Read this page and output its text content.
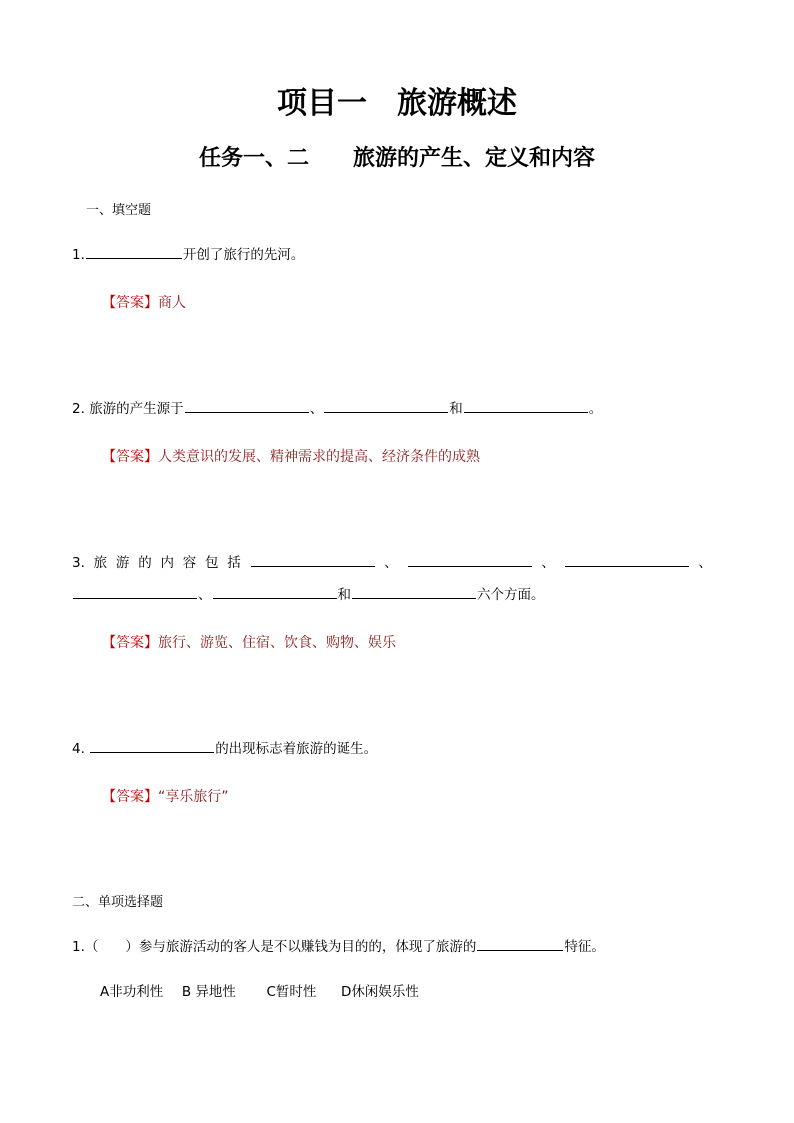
项目一　旅游概述
任务一、二　　旅游的产生、定义和内容
一、填空题
1.	开创了旅行的先河。
【答案】商人
2. 旅游的产生源于	、	和	。
【答案】人类意识的发展、精神需求的提高、经济条件的成熟
3. 旅 游 的 内 容 包 括	、	、	、
、	和	六个方面。
【答案】旅行、游览、住宿、饮食、购物、娱乐
4.	的出现标志着旅游的诞生。
【答案】“享乐旅行”
二、单项选择题
1.（　　）参与旅游活动的客人是不以赚钱为目的的，体现了旅游的	特征。
A非功利性 B 异地性 C暂时性 D休闲娱乐性
